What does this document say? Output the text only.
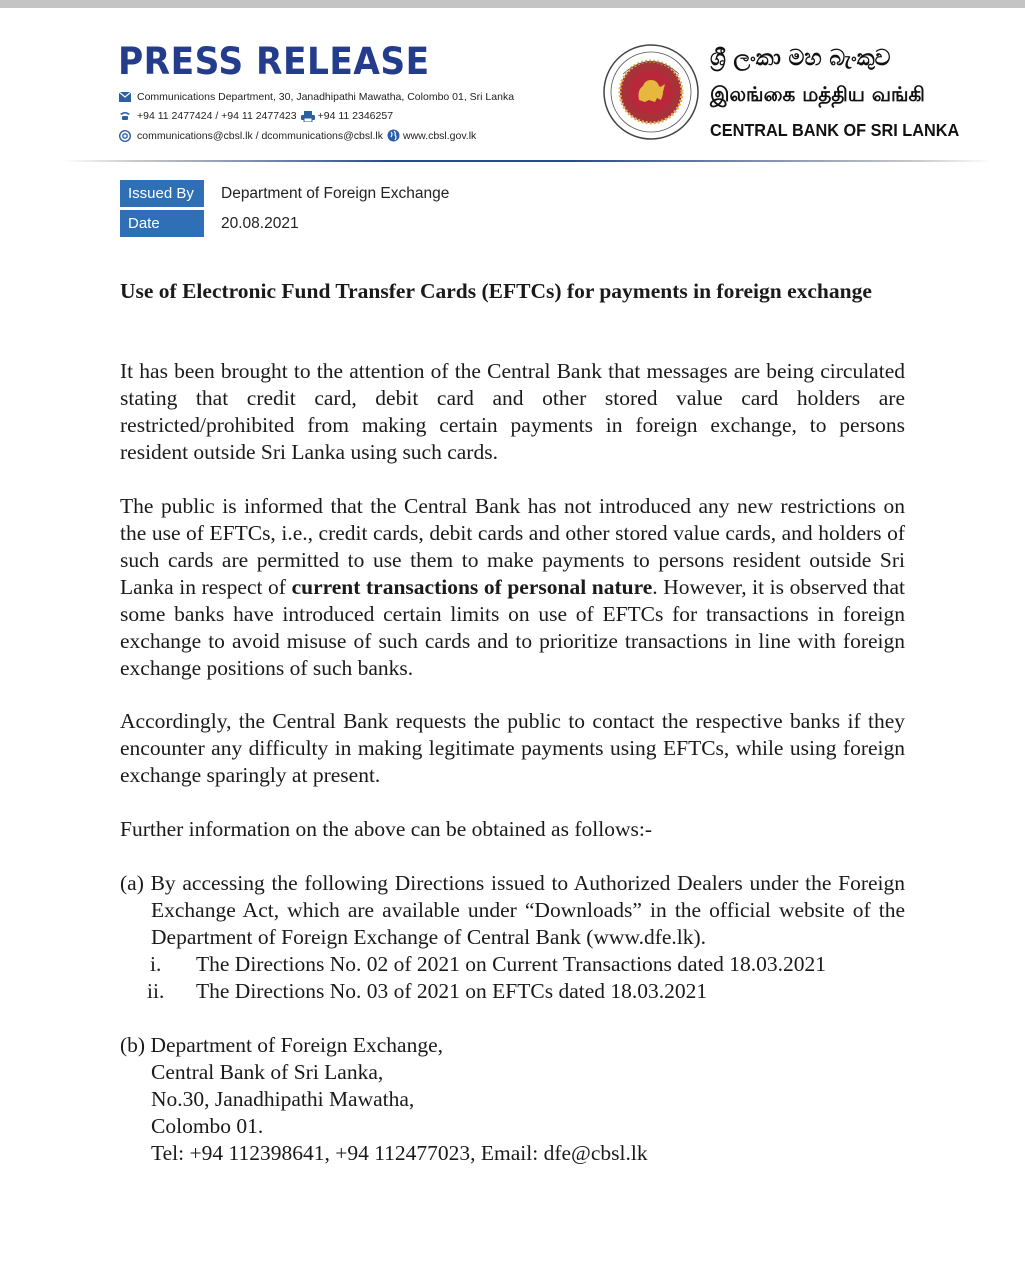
PRESS RELEASE
Communications Department, 30, Janadhipathi Mawatha, Colombo 01, Sri Lanka
+94 11 2477424 / +94 11 2477423 +94 11 2346257
communications@cbsl.lk / dcommunications@cbsl.lk www.cbsl.gov.lk
ශ්‍රී ලංකා මහ බැංකුව
இலங்கை மத்திய வங்கி
CENTRAL BANK OF SRI LANKA
Issued By	Department of Foreign Exchange
Date	20.08.2021
Use of Electronic Fund Transfer Cards (EFTCs) for payments in foreign exchange
It has been brought to the attention of the Central Bank that messages are being circulated stating that credit card, debit card and other stored value card holders are restricted/prohibited from making certain payments in foreign exchange, to persons resident outside Sri Lanka using such cards.
The public is informed that the Central Bank has not introduced any new restrictions on the use of EFTCs, i.e., credit cards, debit cards and other stored value cards, and holders of such cards are permitted to use them to make payments to persons resident outside Sri Lanka in respect of current transactions of personal nature. However, it is observed that some banks have introduced certain limits on use of EFTCs for transactions in foreign exchange to avoid misuse of such cards and to prioritize transactions in line with foreign exchange positions of such banks.
Accordingly, the Central Bank requests the public to contact the respective banks if they encounter any difficulty in making legitimate payments using EFTCs, while using foreign exchange sparingly at present.
Further information on the above can be obtained as follows:-
(a) By accessing the following Directions issued to Authorized Dealers under the Foreign Exchange Act, which are available under “Downloads” in the official website of the Department of Foreign Exchange of Central Bank (www.dfe.lk).
i.	The Directions No. 02 of 2021 on Current Transactions dated 18.03.2021
ii.	The Directions No. 03 of 2021 on EFTCs dated 18.03.2021
(b) Department of Foreign Exchange,
Central Bank of Sri Lanka,
No.30, Janadhipathi Mawatha,
Colombo 01.
Tel: +94 112398641, +94 112477023, Email: dfe@cbsl.lk
